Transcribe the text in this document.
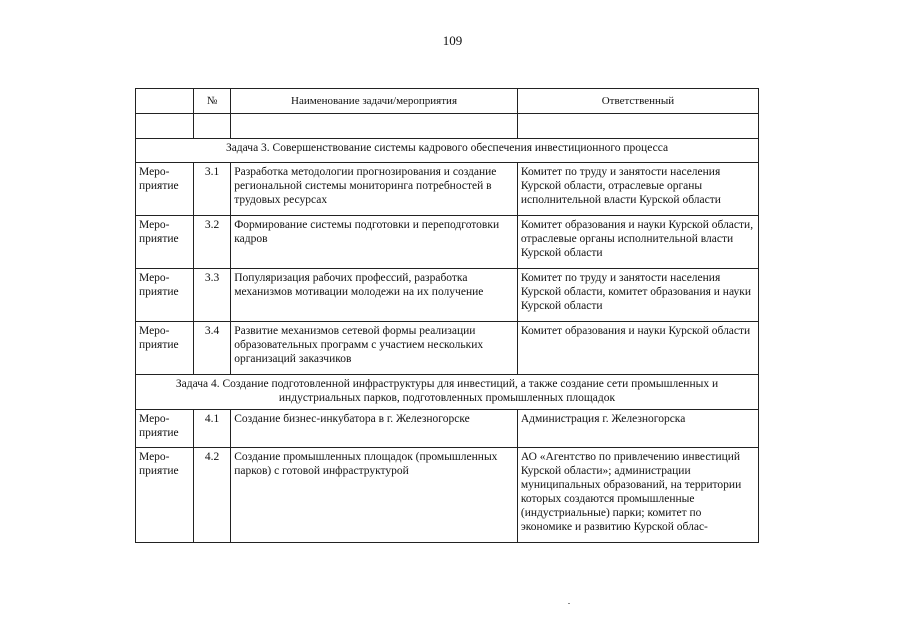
109
	№	Наименование задачи/мероприятия	Ответственный

Задача 3. Совершенствование системы кадрового обеспечения инвестиционного процесса			
Меро-приятие	3.1	Разработка методологии прогнозирования и создание региональной системы мониторинга потребностей в трудовых ресурсах	Комитет по труду и занятости населения Курской области, отраслевые органы исполнительной власти Курской области
Меро-приятие	3.2	Формирование системы подготовки и переподготовки кадров	Комитет образования и науки Курской области, отраслевые органы исполнительной власти Курской области
Меро-приятие	3.3	Популяризация рабочих профессий, разработка механизмов мотивации молодежи на их получение	Комитет по труду и занятости населения Курской области, комитет образования и науки Курской области
Меро-приятие	3.4	Развитие механизмов сетевой формы реализации образовательных программ с участием нескольких организаций заказчиков	Комитет образования и науки Курской области
Задача 4. Создание подготовленной инфраструктуры для инвестиций, а также создание сети промышленных и индустриальных парков, подготовленных промышленных площадок			
Меро-приятие	4.1	Создание бизнес-инкубатора в г. Железногорске	Администрация г. Железногорска
Меро-приятие	4.2	Создание промышленных площадок (промышленных парков) с готовой инфраструктурой	АО «Агентство по привлечению инвестиций Курской области»; администрации муниципальных образований, на территории которых создаются промышленные (индустриальные) парки; комитет по экономике и развитию Курской облас-
